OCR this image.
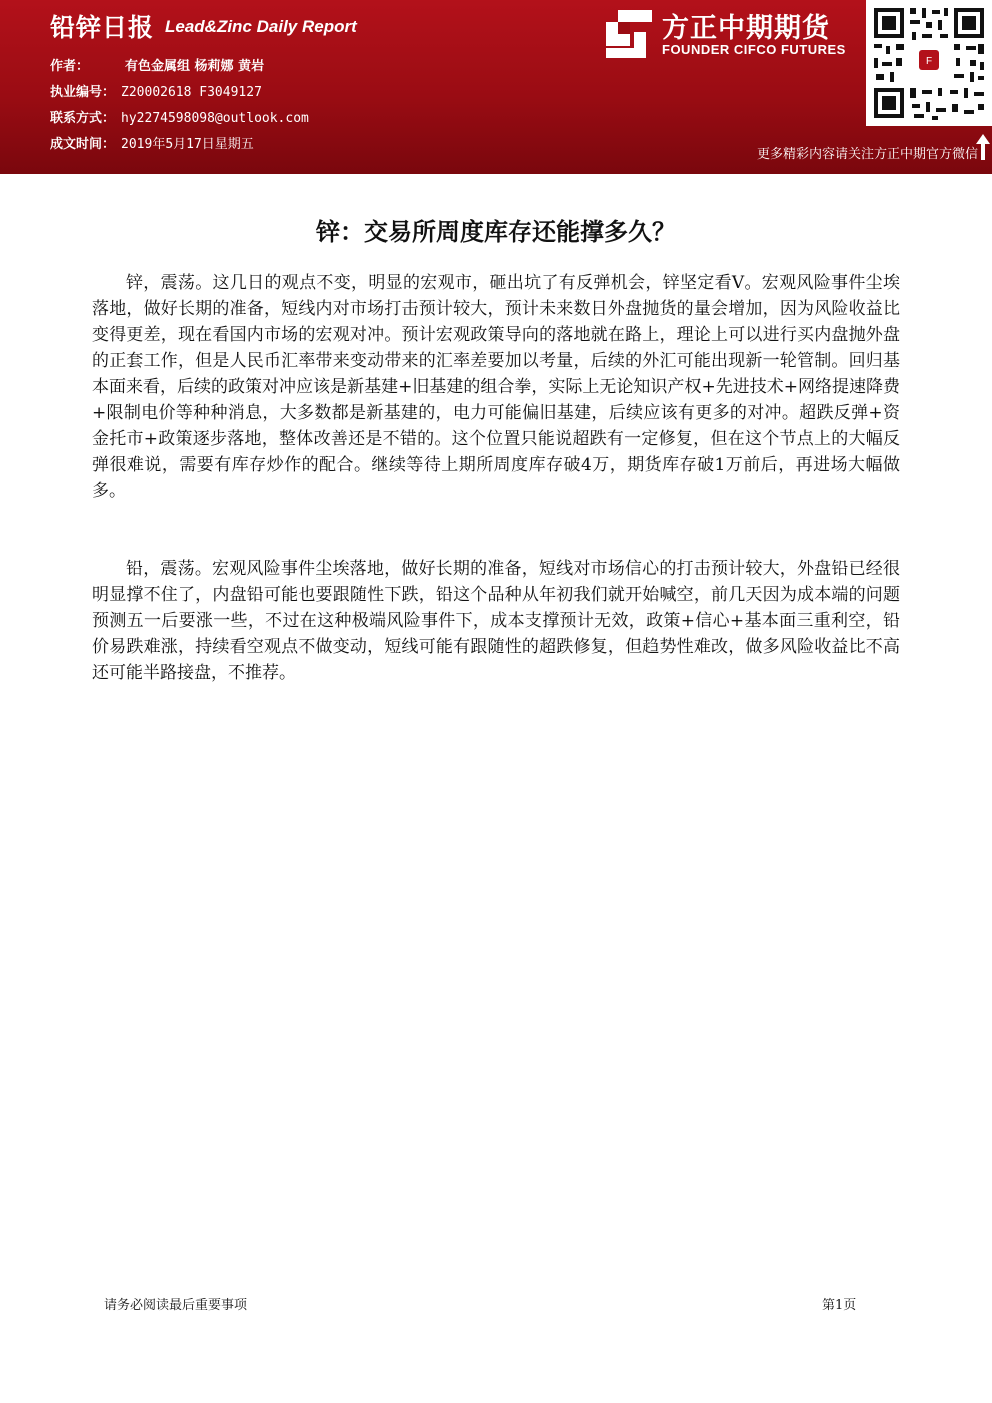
铅锌日报 Lead&Zinc Daily Report
作者：	有色金属组 杨莉娜 黄岩
执业编号： Z20002618 F3049127
联系方式： hy2274598098@outlook.com
成文时间： 2019年5月17日星期五
方正中期期货
FOUNDER CIFCO FUTURES
F
更多精彩内容请关注方正中期官方微信
锌：交易所周度库存还能撑多久？

锌，震荡。这几日的观点不变，明显的宏观市，砸出坑了有反弹机会，锌坚定看V。宏观风险事件尘埃落地，做好长期的准备，短线内对市场打击预计较大，预计未来数日外盘抛货的量会增加，因为风险收益比变得更差，现在看国内市场的宏观对冲。预计宏观政策导向的落地就在路上，理论上可以进行买内盘抛外盘的正套工作，但是人民币汇率带来变动带来的汇率差要加以考量，后续的外汇可能出现新一轮管制。回归基本面来看，后续的政策对冲应该是新基建+旧基建的组合拳，实际上无论知识产权+先进技术+网络提速降费+限制电价等种种消息，大多数都是新基建的，电力可能偏旧基建，后续应该有更多的对冲。超跌反弹+资金托市+政策逐步落地，整体改善还是不错的。这个位置只能说超跌有一定修复，但在这个节点上的大幅反弹很难说，需要有库存炒作的配合。继续等待上期所周度库存破4万，期货库存破1万前后，再进场大幅做多。

铅，震荡。宏观风险事件尘埃落地，做好长期的准备，短线对市场信心的打击预计较大，外盘铅已经很明显撑不住了，内盘铅可能也要跟随性下跌，铅这个品种从年初我们就开始喊空，前几天因为成本端的问题预测五一后要涨一些，不过在这种极端风险事件下，成本支撑预计无效，政策+信心+基本面三重利空，铅价易跌难涨，持续看空观点不做变动，短线可能有跟随性的超跌修复，但趋势性难改，做多风险收益比不高还可能半路接盘，不推荐。

请务必阅读最后重要事项	第1页
